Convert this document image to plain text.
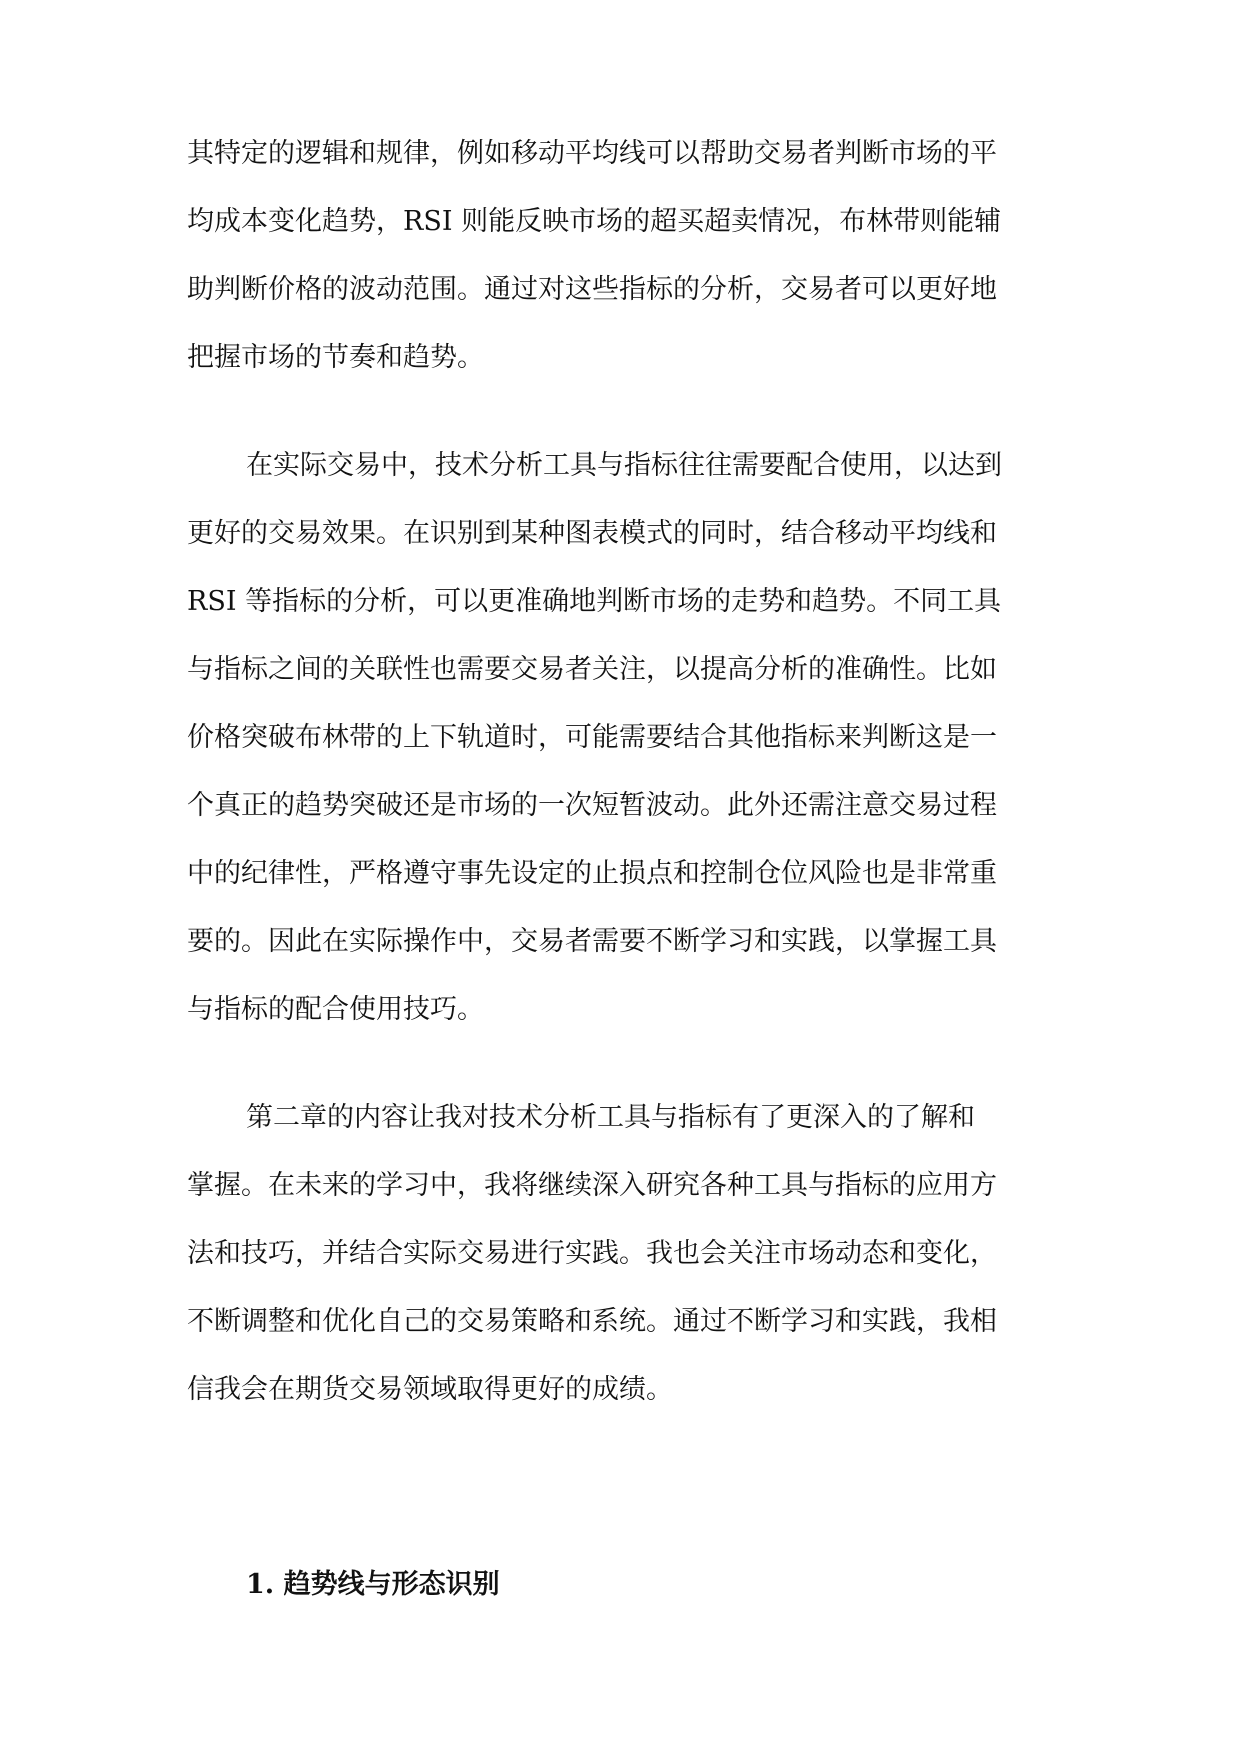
其特定的逻辑和规律，例如移动平均线可以帮助交易者判断市场的平
均成本变化趋势，RSI 则能反映市场的超买超卖情况，布林带则能辅
助判断价格的波动范围。通过对这些指标的分析，交易者可以更好地
把握市场的节奏和趋势。
在实际交易中，技术分析工具与指标往往需要配合使用，以达到
更好的交易效果。在识别到某种图表模式的同时，结合移动平均线和
RSI 等指标的分析，可以更准确地判断市场的走势和趋势。不同工具
与指标之间的关联性也需要交易者关注，以提高分析的准确性。比如
价格突破布林带的上下轨道时，可能需要结合其他指标来判断这是一
个真正的趋势突破还是市场的一次短暂波动。此外还需注意交易过程
中的纪律性，严格遵守事先设定的止损点和控制仓位风险也是非常重
要的。因此在实际操作中，交易者需要不断学习和实践，以掌握工具
与指标的配合使用技巧。
第二章的内容让我对技术分析工具与指标有了更深入的了解和
掌握。在未来的学习中，我将继续深入研究各种工具与指标的应用方
法和技巧，并结合实际交易进行实践。我也会关注市场动态和变化，
不断调整和优化自己的交易策略和系统。通过不断学习和实践，我相
信我会在期货交易领域取得更好的成绩。
1. 趋势线与形态识别
